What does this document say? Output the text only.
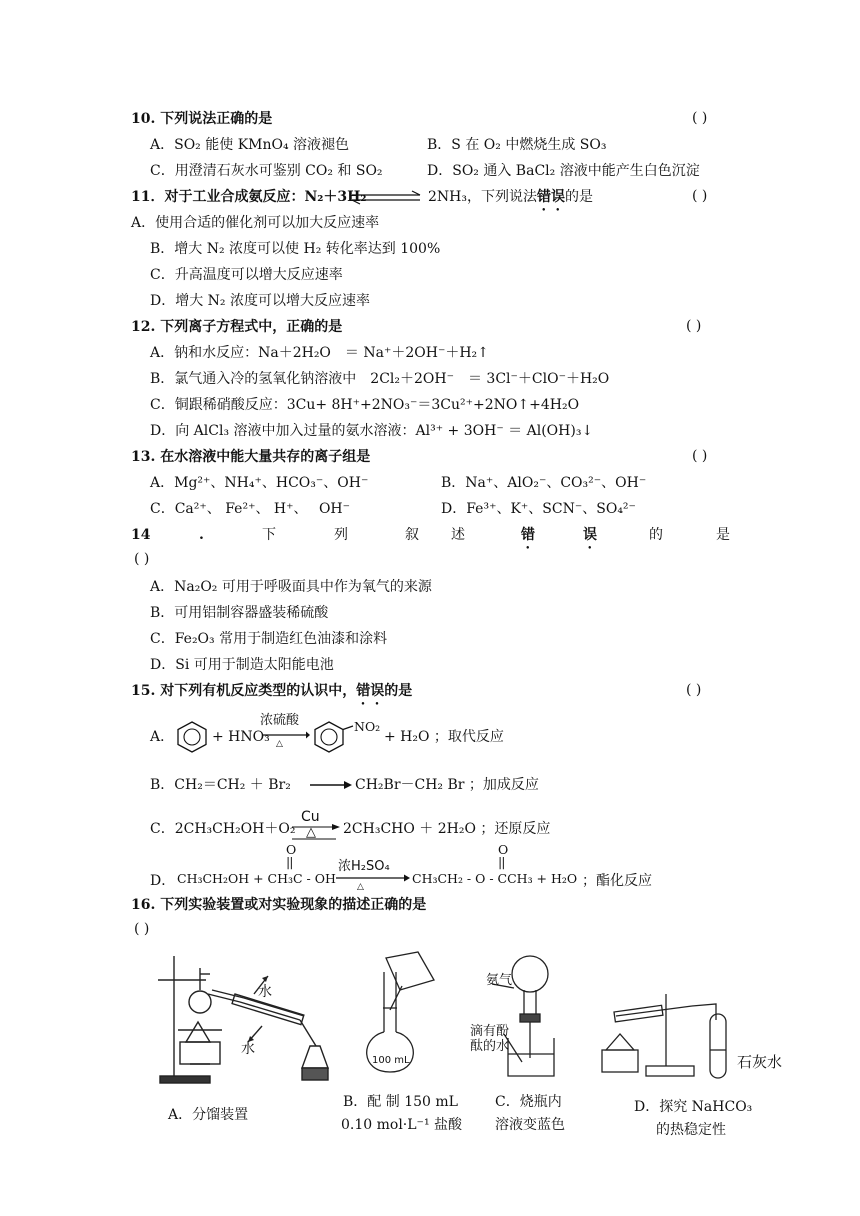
10. 下列说法正确的是	( )
A．SO₂ 能使 KMnO₄ 溶液褪色	B．S 在 O₂ 中燃烧生成 SO₃
C．用澄清石灰水可鉴别 CO₂ 和 SO₂	D．SO₂ 通入 BaCl₂ 溶液中能产生白色沉淀
11．对于工业合成氨反应：N₂＋3H₂	2NH₃，下列说法错误的是	( )
A．使用合适的催化剂可以加大反应速率
B．增大 N₂ 浓度可以使 H₂ 转化率达到 100%
C．升高温度可以增大反应速率
D．增大 N₂ 浓度可以增大反应速率
12. 下列离子方程式中，正确的是	( )
A．钠和水反应：Na＋2H₂O　＝ Na⁺＋2OH⁻＋H₂↑
B．氯气通入冷的氢氧化钠溶液中　2Cl₂＋2OH⁻　＝ 3Cl⁻＋ClO⁻＋H₂O
C．铜跟稀硝酸反应：3Cu+ 8H⁺+2NO₃⁻＝3Cu²⁺+2NO↑+4H₂O
D．向 AlCl₃ 溶液中加入过量的氨水溶液：Al³⁺ + 3OH⁻ ＝ Al(OH)₃↓
13. 在水溶液中能大量共存的离子组是	( )
A．Mg²⁺、NH₄⁺、HCO₃⁻、OH⁻	B．Na⁺、AlO₂⁻、CO₃²⁻、OH⁻
C．Ca²⁺、 Fe²⁺、 H⁺、　 OH⁻	D．Fe³⁺、K⁺、SCN⁻、SO₄²⁻
14	.	下	列	叙 述	错	误	的	是
( )
A．Na₂O₂ 可用于呼吸面具中作为氧气的来源
B．可用铝制容器盛装稀硫酸
C．Fe₂O₃ 常用于制造红色油漆和涂料
D．Si 可用于制造太阳能电池
15. 对下列有机反应类型的认识中，错误的是	( )
A．	+ HNO₃
浓硫酸
△
NO₂
+ H₂O ；取代反应
B．CH₂＝CH₂ ＋ Br₂ → CH₂Br－CH₂ Br ；加成反应
C．2CH₃CH₂OH＋O₂
Cu
△ 2CH₃CHO ＋ 2H₂O ；还原反应
D．
O
||
CH₃CH₂OH + CH₃C - OH
浓H₂SO₄
△
O
||
CH₃CH₂ - O - CCH₃ + H₂O ；酯化反应
16. 下列实验装置或对实验现象的描述正确的是
( )
水
水
100 mL
氨气
滴有酚
酞的水
石灰水
A．分馏装置
B．配 制 150 mL
0.10 mol·L⁻¹ 盐酸
C．烧瓶内
溶液变蓝色
D．探究 NaHCO₃
的热稳定性
